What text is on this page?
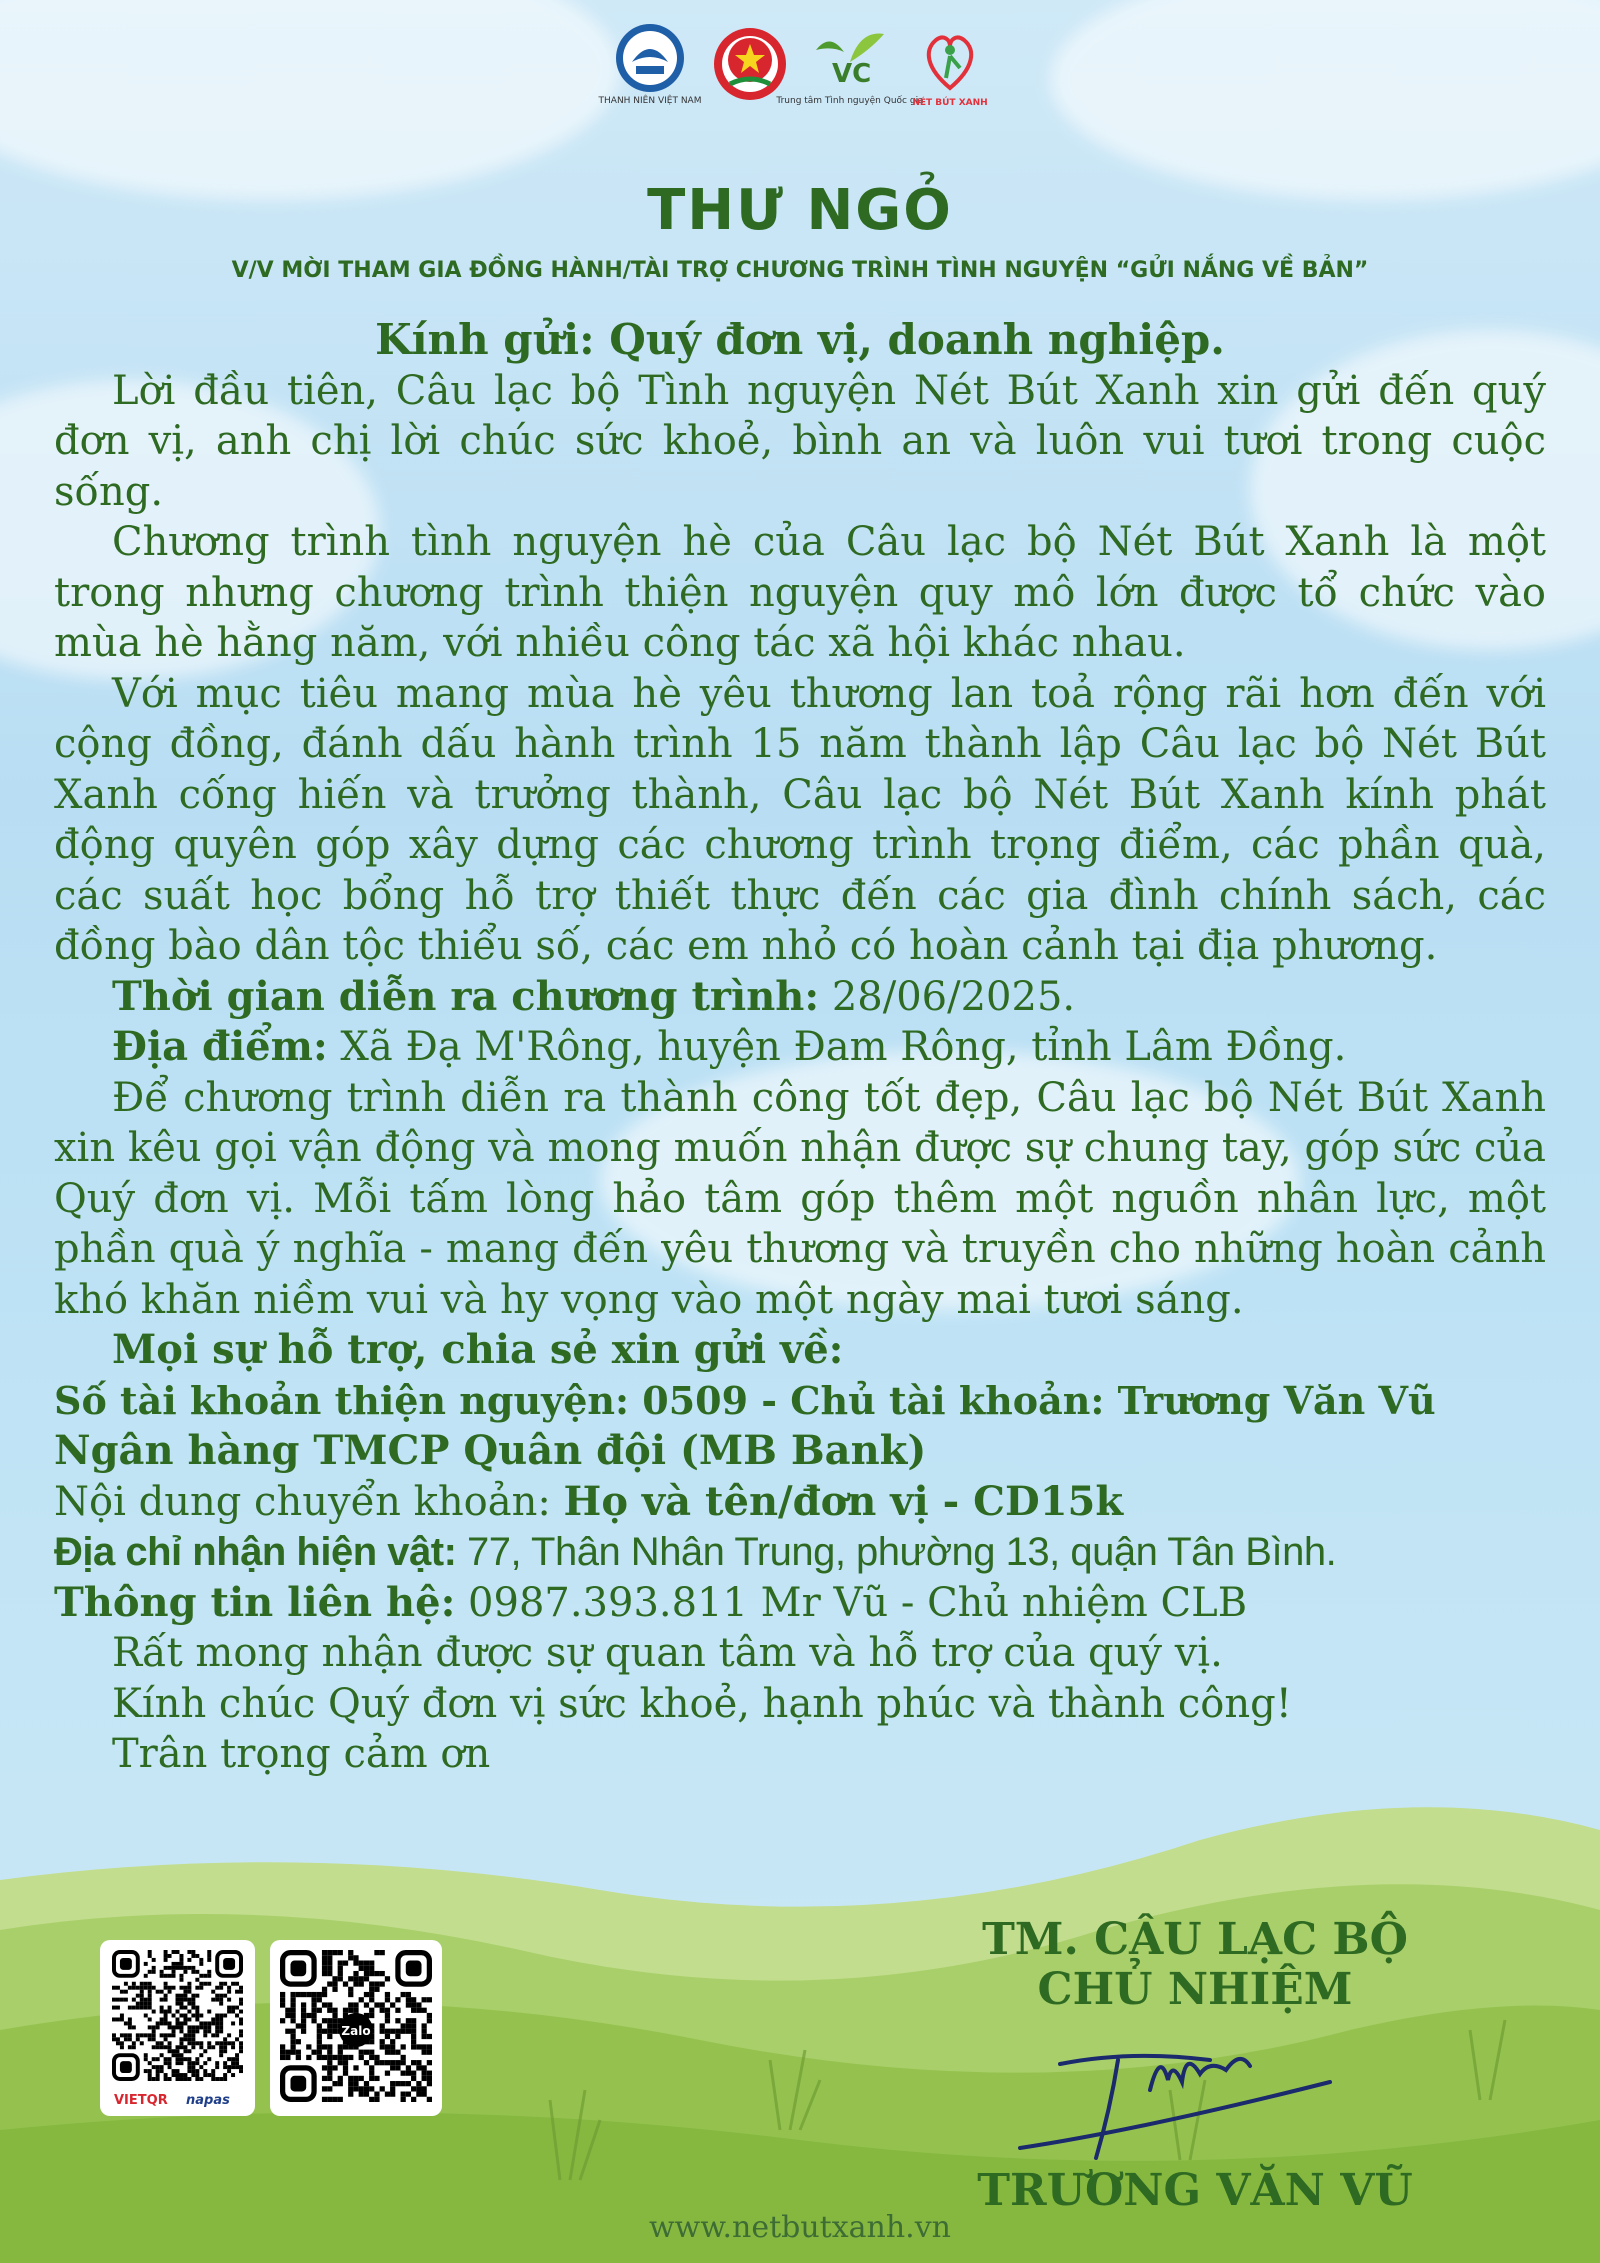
THANH NIÊN VIỆT NAM
VC
Trung tâm Tình nguyện Quốc gia
NÉT BÚT XANH
THƯ NGỎ
V/V MỜI THAM GIA ĐỒNG HÀNH/TÀI TRỢ CHƯƠNG TRÌNH TÌNH NGUYỆN “GỬI NẮNG VỀ BẢN”

Kính gửi: Quý đơn vị, doanh nghiệp.

Lời đầu tiên, Câu lạc bộ Tình nguyện Nét Bút Xanh xin gửi đến quý đơn vị, anh chị lời chúc sức khoẻ, bình an và luôn vui tươi trong cuộc sống.

Chương trình tình nguyện hè của Câu lạc bộ Nét Bút Xanh là một trong nhưng chương trình thiện nguyện quy mô lớn được tổ chức vào mùa hè hằng năm, với nhiều công tác xã hội khác nhau.

Với mục tiêu mang mùa hè yêu thương lan toả rộng rãi hơn đến với cộng đồng, đánh dấu hành trình 15 năm thành lập Câu lạc bộ Nét Bút Xanh cống hiến và trưởng thành, Câu lạc bộ Nét Bút Xanh kính phát động quyên góp xây dựng các chương trình trọng điểm, các phần quà, các suất học bổng hỗ trợ thiết thực đến các gia đình chính sách, các đồng bào dân tộc thiểu số, các em nhỏ có hoàn cảnh tại địa phương.

Thời gian diễn ra chương trình: 28/06/2025.

Địa điểm: Xã Đạ M'Rông, huyện Đam Rông, tỉnh Lâm Đồng.

Để chương trình diễn ra thành công tốt đẹp, Câu lạc bộ Nét Bút Xanh xin kêu gọi vận động và mong muốn nhận được sự chung tay, góp sức của Quý đơn vị. Mỗi tấm lòng hảo tâm góp thêm một nguồn nhân lực, một phần quà ý nghĩa - mang đến yêu thương và truyền cho những hoàn cảnh khó khăn niềm vui và hy vọng vào một ngày mai tươi sáng.

Mọi sự hỗ trợ, chia sẻ xin gửi về:

Số tài khoản thiện nguyện: 0509 - Chủ tài khoản: Trương Văn Vũ

Ngân hàng TMCP Quân đội (MB Bank)

Nội dung chuyển khoản: Họ và tên/đơn vị - CD15k

Địa chỉ nhận hiện vật: 77, Thân Nhân Trung, phường 13, quận Tân Bình.

Thông tin liên hệ: 0987.393.811 Mr Vũ - Chủ nhiệm CLB

Rất mong nhận được sự quan tâm và hỗ trợ của quý vị.

Kính chúc Quý đơn vị sức khoẻ, hạnh phúc và thành công!

Trân trọng cảm ơn

VIETQR napas
Zalo
TM. CÂU LẠC BỘ
CHỦ NHIỆM
TRƯƠNG VĂN VŨ
www.netbutxanh.vn
